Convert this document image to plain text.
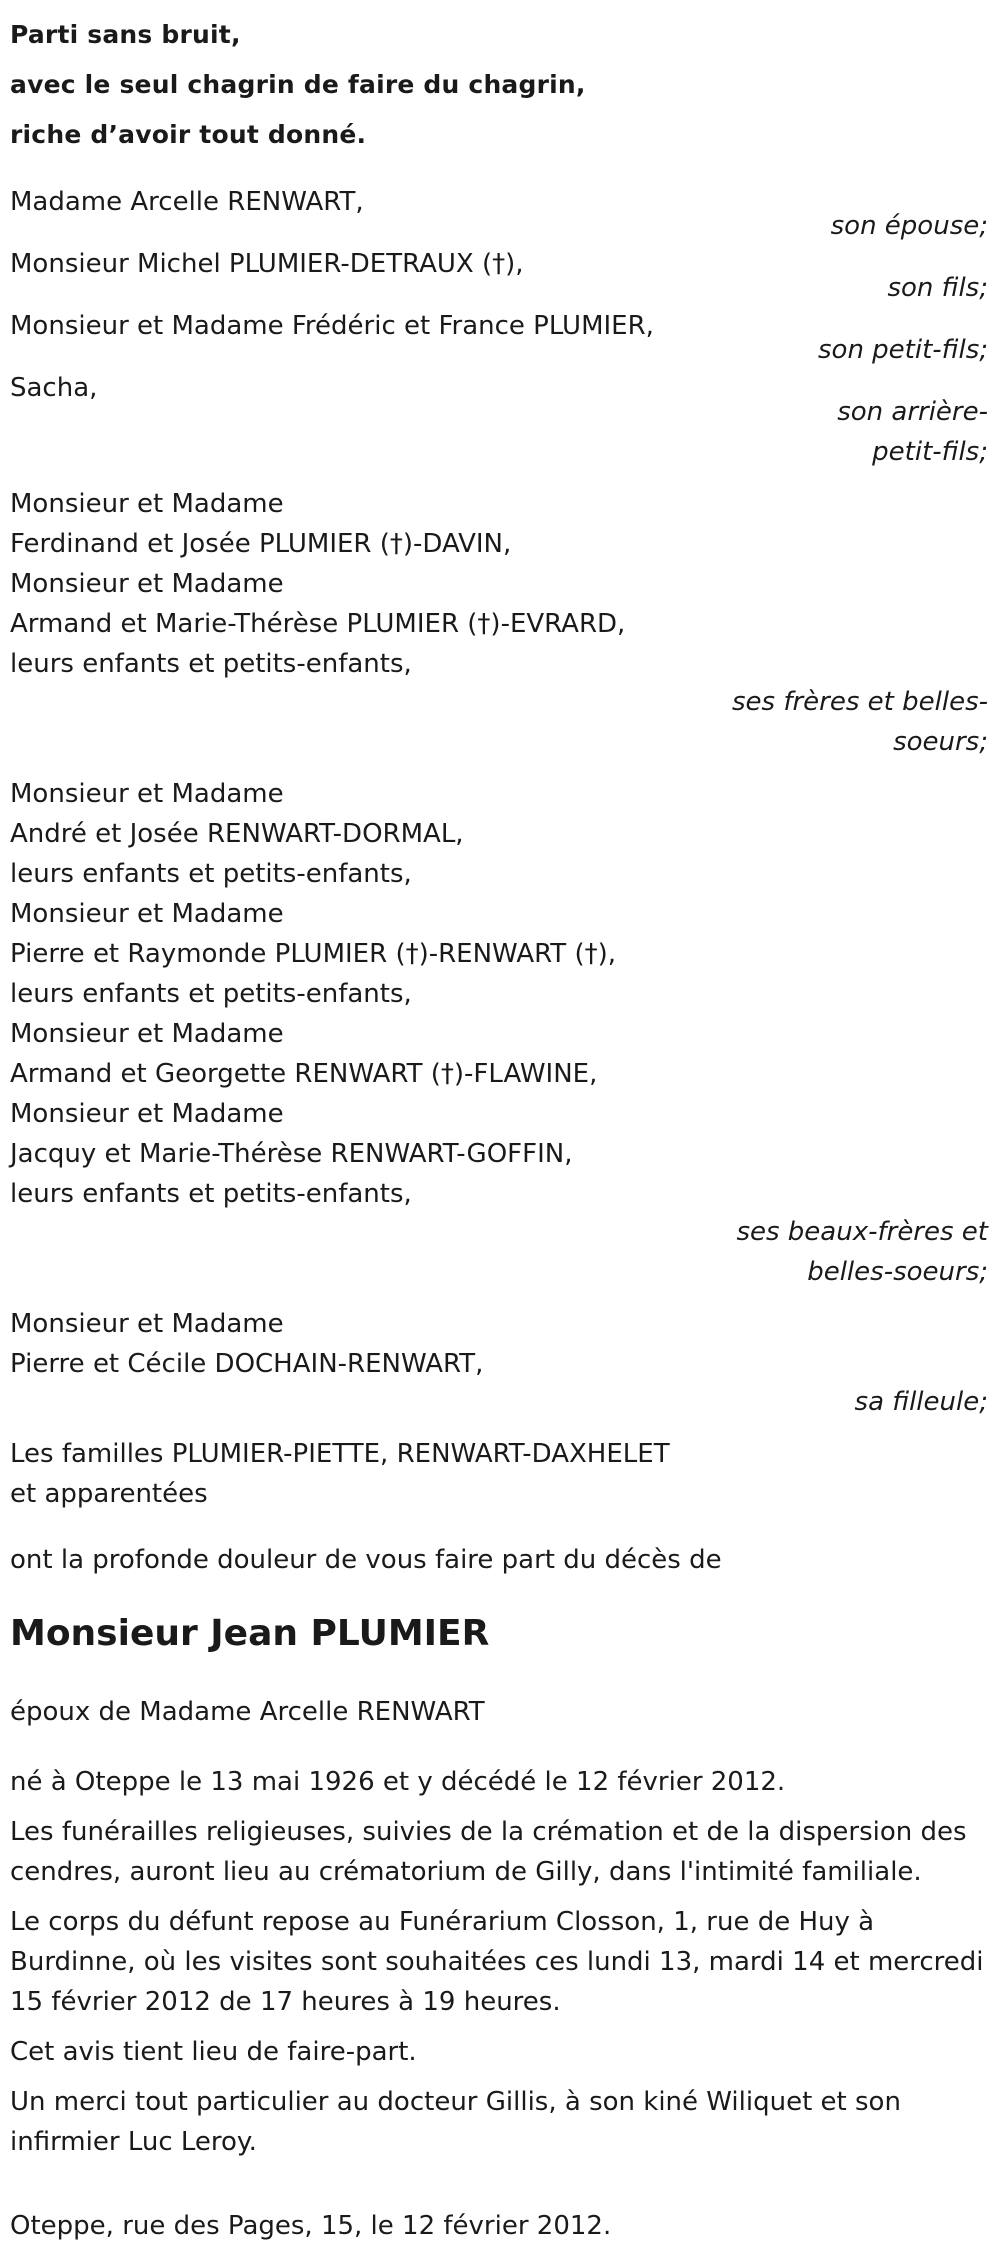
Parti sans bruit,
avec le seul chagrin de faire du chagrin,
riche d’avoir tout donné.
Madame Arcelle RENWART,
son épouse;
Monsieur Michel PLUMIER-DETRAUX (†),
son fils;
Monsieur et Madame Frédéric et France PLUMIER,
son petit-fils;
Sacha,
son arrière-
petit-fils;
Monsieur et Madame
Ferdinand et Josée PLUMIER (†)-DAVIN,
Monsieur et Madame
Armand et Marie-Thérèse PLUMIER (†)-EVRARD,
leurs enfants et petits-enfants,
ses frères et belles-
soeurs;
Monsieur et Madame
André et Josée RENWART-DORMAL,
leurs enfants et petits-enfants,
Monsieur et Madame
Pierre et Raymonde PLUMIER (†)-RENWART (†),
leurs enfants et petits-enfants,
Monsieur et Madame
Armand et Georgette RENWART (†)-FLAWINE,
Monsieur et Madame
Jacquy et Marie-Thérèse RENWART-GOFFIN,
leurs enfants et petits-enfants,
ses beaux-frères et
belles-soeurs;
Monsieur et Madame
Pierre et Cécile DOCHAIN-RENWART,
sa filleule;
Les familles PLUMIER-PIETTE, RENWART-DAXHELET
et apparentées
ont la profonde douleur de vous faire part du décès de
Monsieur Jean PLUMIER
époux de Madame Arcelle RENWART
né à Oteppe le 13 mai 1926 et y décédé le 12 février 2012.
Les funérailles religieuses, suivies de la crémation et de la dispersion des
cendres, auront lieu au crématorium de Gilly, dans l'intimité familiale.
Le corps du défunt repose au Funérarium Closson, 1, rue de Huy à
Burdinne, où les visites sont souhaitées ces lundi 13, mardi 14 et mercredi
15 février 2012 de 17 heures à 19 heures.
Cet avis tient lieu de faire-part.
Un merci tout particulier au docteur Gillis, à son kiné Wiliquet et son
infirmier Luc Leroy.
Oteppe, rue des Pages, 15, le 12 février 2012.
